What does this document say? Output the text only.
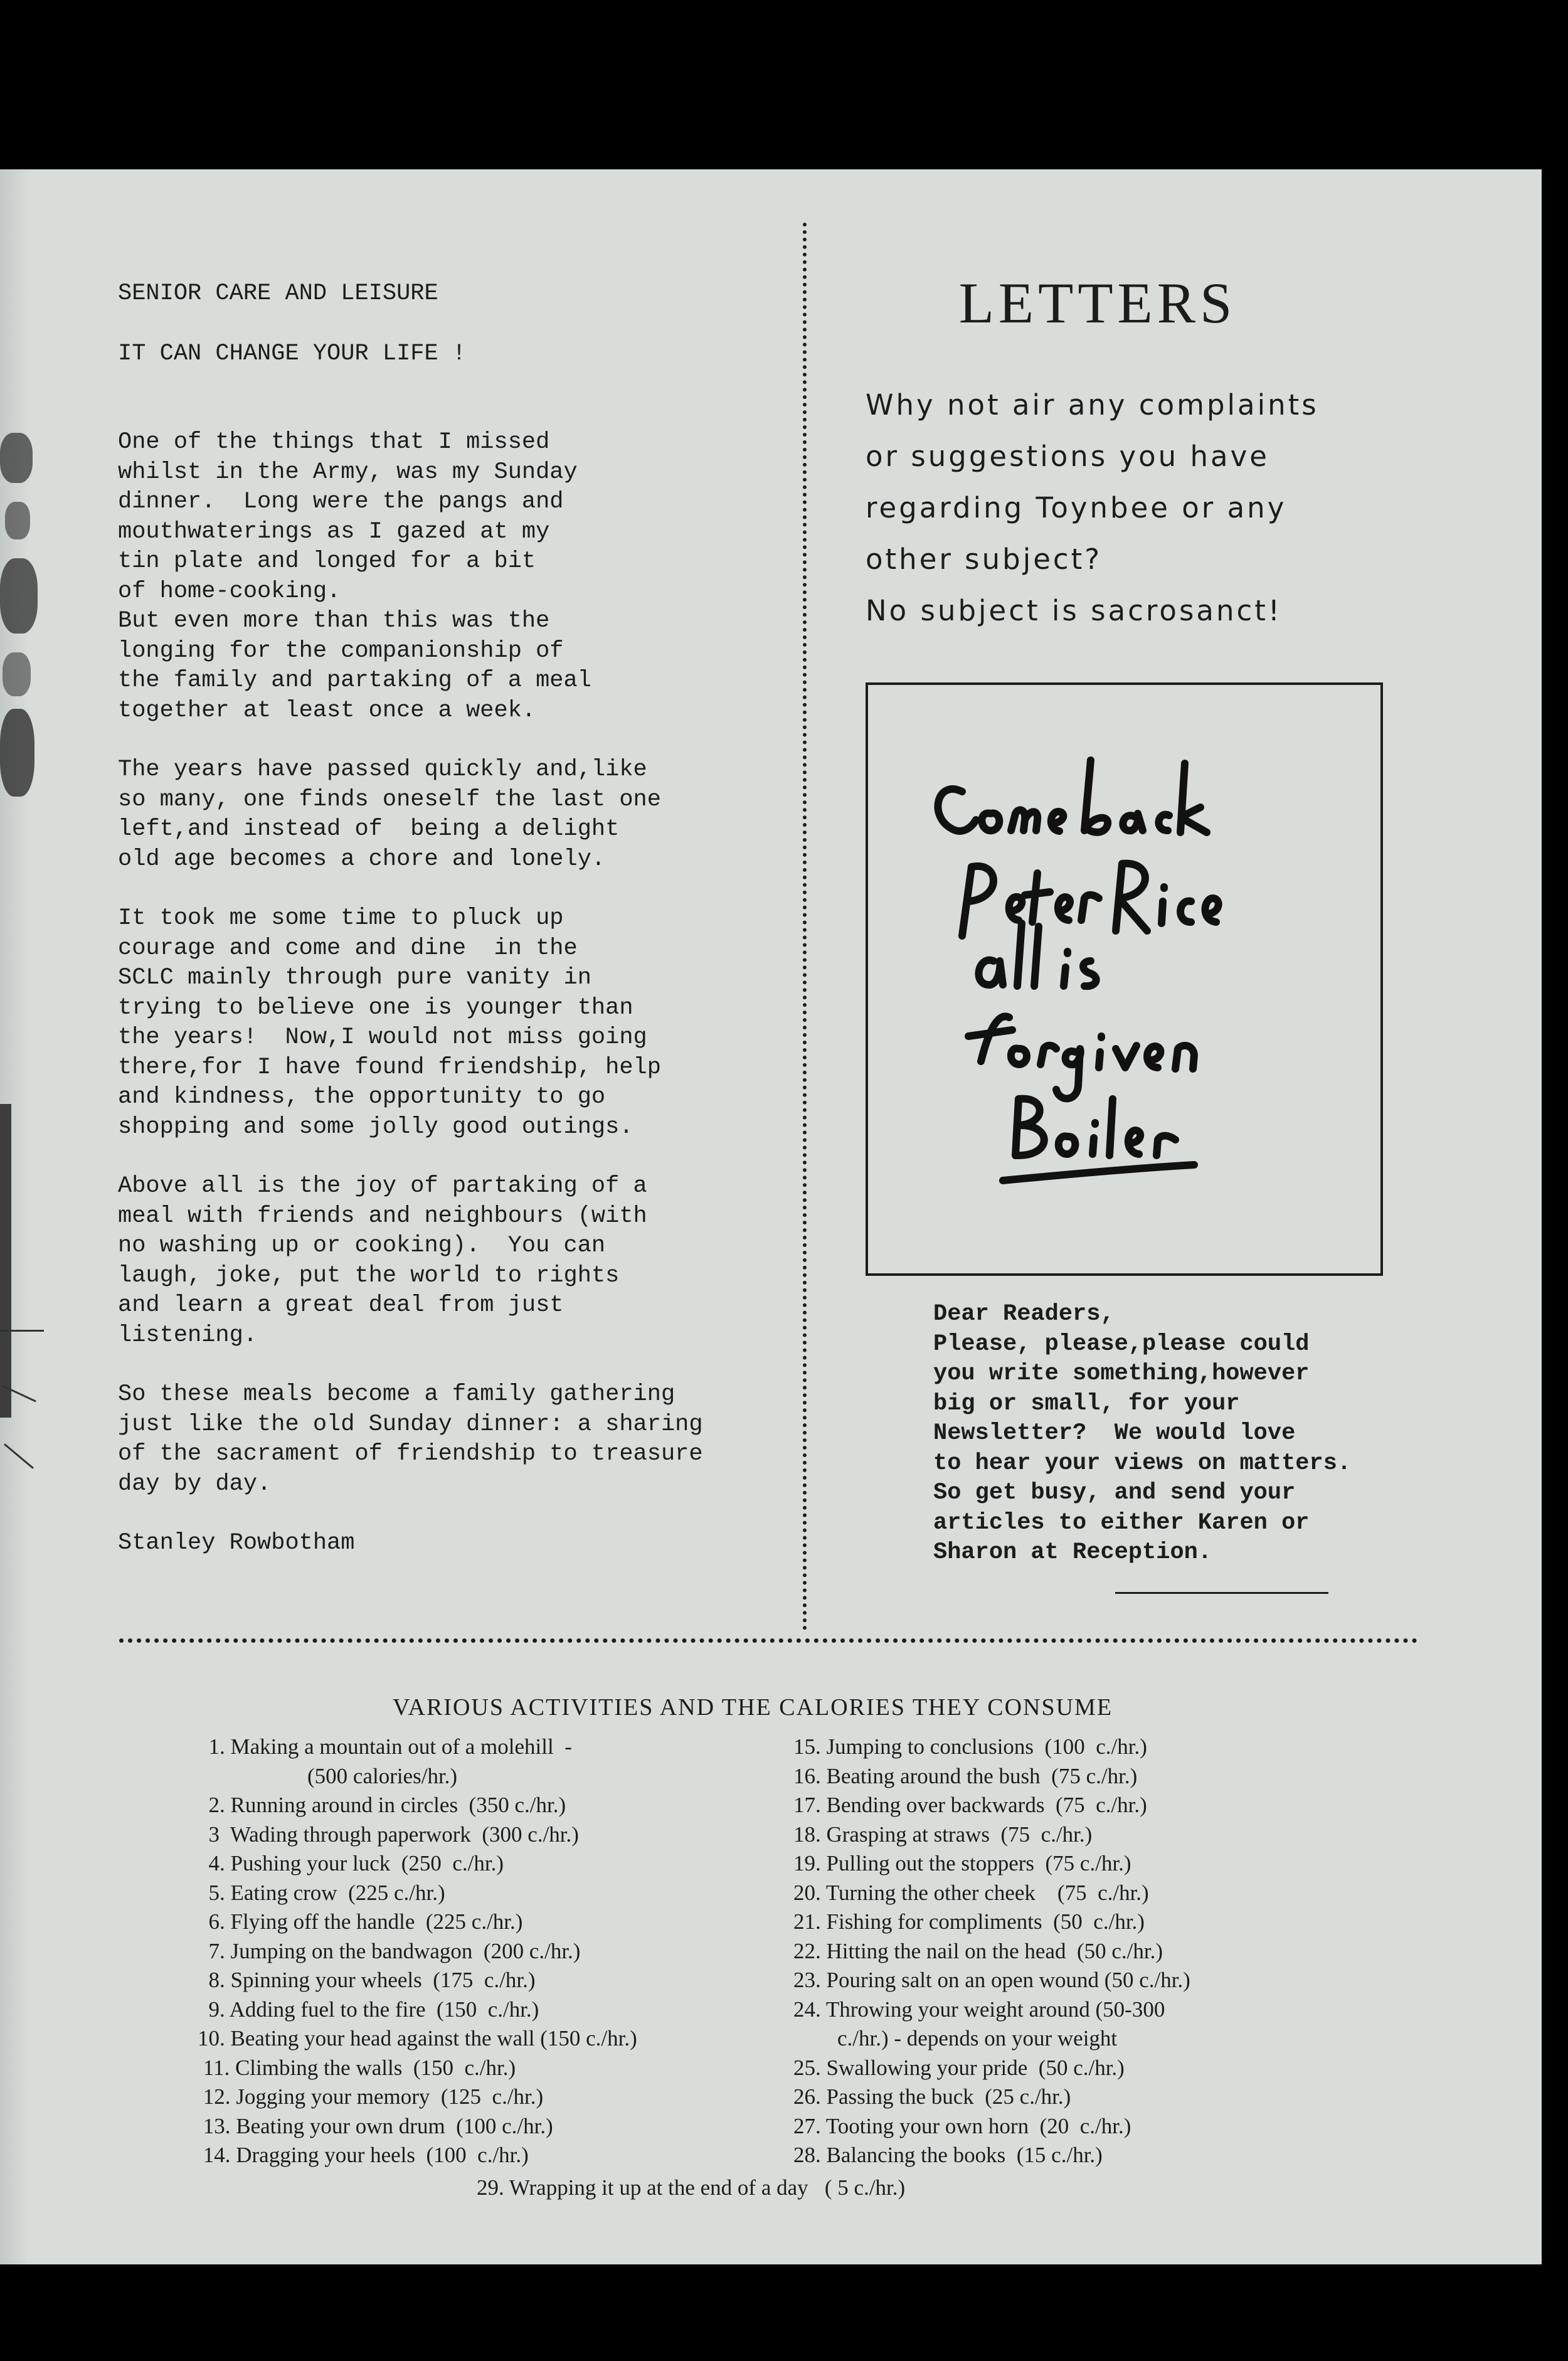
SENIOR CARE AND LEISURE
IT CAN CHANGE YOUR LIFE !

One of the things that I missed
whilst in the Army, was my Sunday
dinner.  Long were the pangs and
mouthwaterings as I gazed at my
tin plate and longed for a bit
of home-cooking.
But even more than this was the
longing for the companionship of
the family and partaking of a meal
together at least once a week.

The years have passed quickly and,like
so many, one finds oneself the last one
left,and instead of  being a delight
old age becomes a chore and lonely.

It took me some time to pluck up
courage and come and dine  in the
SCLC mainly through pure vanity in
trying to believe one is younger than
the years!  Now,I would not miss going
there,for I have found friendship, help
and kindness, the opportunity to go
shopping and some jolly good outings.

Above all is the joy of partaking of a
meal with friends and neighbours (with
no washing up or cooking).  You can
laugh, joke, put the world to rights
and learn a great deal from just
listening.

So these meals become a family gathering
just like the old Sunday dinner: a sharing
of the sacrament of friendship to treasure
day by day.

Stanley Rowbotham
LETTERS
Why not air any complaints
or suggestions you have
regarding Toynbee or any
other subject?
No subject is sacrosanct!
Dear Readers,
Please, please,please could
you write something,however
big or small, for your
Newsletter?  We would love
to hear your views on matters.
So get busy, and send your
articles to either Karen or
Sharon at Reception.
VARIOUS ACTIVITIES AND THE CALORIES THEY CONSUME
1. Making a mountain out of a molehill  -
(500 calories/hr.)
2. Running around in circles  (350 c./hr.)
3  Wading through paperwork  (300 c./hr.)
4. Pushing your luck  (250  c./hr.)
5. Eating crow  (225 c./hr.)
6. Flying off the handle  (225 c./hr.)
7. Jumping on the bandwagon  (200 c./hr.)
8. Spinning your wheels  (175  c./hr.)
9. Adding fuel to the fire  (150  c./hr.)
10. Beating your head against the wall (150 c./hr.)
11. Climbing the walls  (150  c./hr.)
12. Jogging your memory  (125  c./hr.)
13. Beating your own drum  (100 c./hr.)
14. Dragging your heels  (100  c./hr.)
15. Jumping to conclusions  (100  c./hr.)
16. Beating around the bush  (75 c./hr.)
17. Bending over backwards  (75  c./hr.)
18. Grasping at straws  (75  c./hr.)
19. Pulling out the stoppers  (75 c./hr.)
20. Turning the other cheek    (75  c./hr.)
21. Fishing for compliments  (50  c./hr.)
22. Hitting the nail on the head  (50 c./hr.)
23. Pouring salt on an open wound (50 c./hr.)
24. Throwing your weight around (50-300
c./hr.) - depends on your weight
25. Swallowing your pride  (50 c./hr.)
26. Passing the buck  (25 c./hr.)
27. Tooting your own horn  (20  c./hr.)
28. Balancing the books  (15 c./hr.)
29. Wrapping it up at the end of a day   ( 5 c./hr.)
